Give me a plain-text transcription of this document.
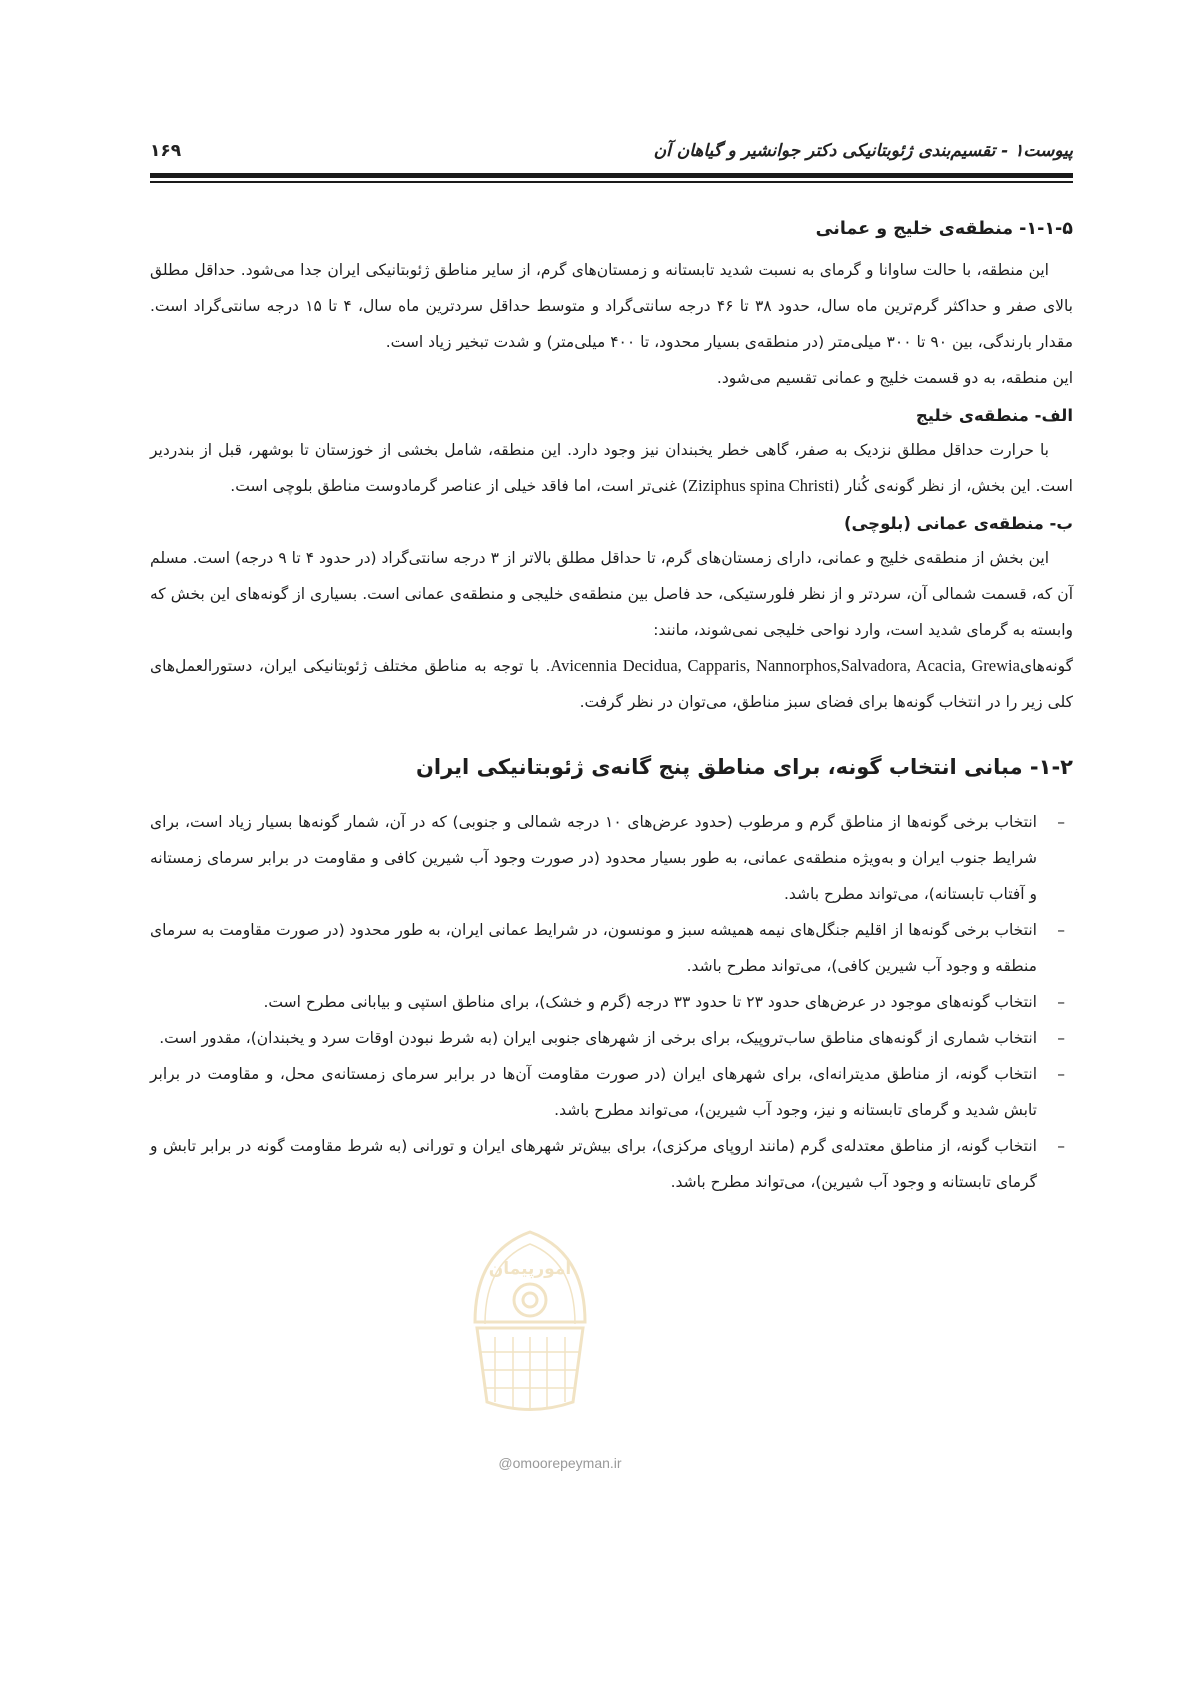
پیوست۱ - تقسیم‌بندی ژئوبتانیکی دکتر جوانشیر و گیاهان آن
۱۶۹
۱-۱-۵- منطقه‌ی خلیج و عمانی

این منطقه، با حالت ساوانا و گرمای به نسبت شدید تابستانه و زمستان‌های گرم، از سایر مناطق ژئوبتانیکی ایران جدا می‌شود. حداقل مطلق بالای صفر و حداکثر گرم‌ترین ماه سال، حدود ۳۸ تا ۴۶ درجه سانتی‌گراد و متوسط حداقل سردترین ماه سال، ۴ تا ۱۵ درجه سانتی‌گراد است. مقدار بارندگی، بین ۹۰ تا ۳۰۰ میلی‌متر (در منطقه‌ی بسیار محدود، تا ۴۰۰ میلی‌متر) و شدت تبخیر زیاد است.

این منطقه، به دو قسمت خلیج و عمانی تقسیم می‌شود.

الف- منطقه‌ی خلیج

با حرارت حداقل مطلق نزدیک به صفر، گاهی خطر یخبندان نیز وجود دارد. این منطقه، شامل بخشی از خوزستان تا بوشهر، قبل از بندردیر است. این بخش، از نظر گونه‌ی کُنار (Ziziphus spina Christi) غنی‌تر است، اما فاقد خیلی از عناصر گرمادوست مناطق بلوچی است.

ب- منطقه‌ی عمانی (بلوچی)

این بخش از منطقه‌ی خلیج و عمانی، دارای زمستان‌های گرم، تا حداقل مطلق بالاتر از ۳ درجه سانتی‌گراد (در حدود ۴ تا ۹ درجه) است. مسلم آن که، قسمت شمالی آن، سردتر و از نظر فلورستیکی، حد فاصل بین منطقه‌ی خلیجی و منطقه‌ی عمانی است. بسیاری از گونه‌های این بخش که وابسته به گرمای شدید است، وارد نواحی خلیجی نمی‌شوند، مانند:

گونه‌هایAvicennia Decidua, Capparis, Nannorphos,Salvadora, Acacia, Grewia. با توجه به مناطق مختلف ژئوبتانیکی ایران، دستورالعمل‌های کلی زیر را در انتخاب گونه‌ها برای فضای سبز مناطق، می‌توان در نظر گرفت.

۱-۲- مبانی انتخاب گونه، برای مناطق پنج گانه‌ی ژئوبتانیکی ایران
–
انتخاب برخی گونه‌ها از مناطق گرم و مرطوب (حدود عرض‌های ۱۰ درجه شمالی و جنوبی) که در آن، شمار گونه‌ها بسیار زیاد است، برای شرایط جنوب ایران و به‌ویژه منطقه‌ی عمانی، به طور بسیار محدود (در صورت وجود آب شیرین کافی و مقاومت در برابر سرمای زمستانه و آفتاب تابستانه)، می‌تواند مطرح باشد.
–
انتخاب برخی گونه‌ها از اقلیم جنگل‌های نیمه همیشه سبز و مونسون، در شرایط عمانی ایران، به طور محدود (در صورت مقاومت به سرمای منطقه و وجود آب شیرین کافی)، می‌تواند مطرح باشد.
–
انتخاب گونه‌های موجود در عرض‌های حدود ۲۳ تا حدود ۳۳ درجه (گرم و خشک)، برای مناطق استپی و بیابانی مطرح است.
–
انتخاب شماری از گونه‌های مناطق ساب‌تروپیک، برای برخی از شهرهای جنوبی ایران (به شرط نبودن اوقات سرد و یخبندان)، مقدور است.
–
انتخاب گونه، از مناطق مدیترانه‌ای، برای شهرهای ایران (در صورت مقاومت آن‌ها در برابر سرمای زمستانه‌ی محل، و مقاومت در برابر تابش شدید و گرمای تابستانه و نیز، وجود آب شیرین)، می‌تواند مطرح باشد.
–
انتخاب گونه، از مناطق معتدله‌ی گرم (مانند اروپای مرکزی)، برای بیش‌تر شهرهای ایران و تورانی (به شرط مقاومت گونه در برابر تابش و گرمای تابستانه و وجود آب شیرین)، می‌تواند مطرح باشد.
امورپیمان
@omoorepeyman.ir
